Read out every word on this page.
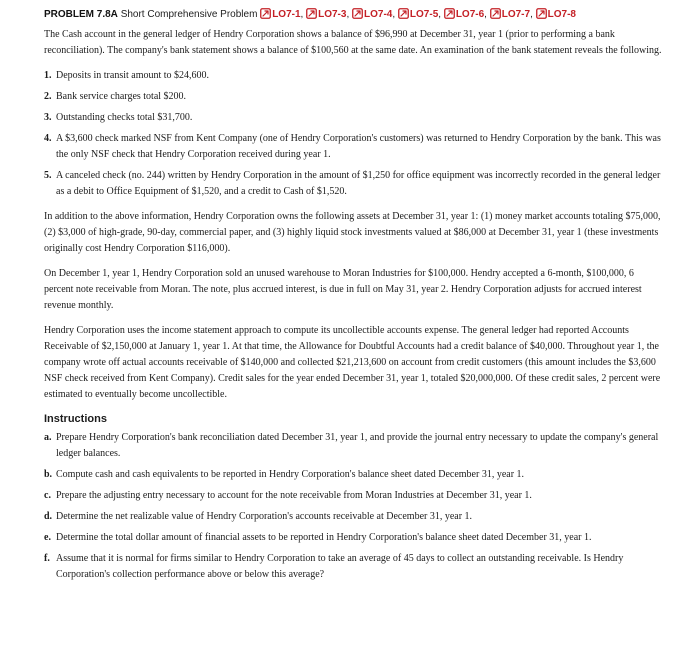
PROBLEM 7.8A Short Comprehensive Problem LO7-1, LO7-3, LO7-4, LO7-5, LO7-6, LO7-7, LO7-8

The Cash account in the general ledger of Hendry Corporation shows a balance of $96,990 at December 31, year 1 (prior to performing a bank reconciliation). The company's bank statement shows a balance of $100,560 at the same date. An examination of the bank statement reveals the following.

1. Deposits in transit amount to $24,600.
2. Bank service charges total $200.
3. Outstanding checks total $31,700.
4. A $3,600 check marked NSF from Kent Company (one of Hendry Corporation's customers) was returned to Hendry Corporation by the bank. This was the only NSF check that Hendry Corporation received during year 1.
5. A canceled check (no. 244) written by Hendry Corporation in the amount of $1,250 for office equipment was incorrectly recorded in the general ledger as a debit to Office Equipment of $1,520, and a credit to Cash of $1,520.

In addition to the above information, Hendry Corporation owns the following assets at December 31, year 1: (1) money market accounts totaling $75,000, (2) $3,000 of high-grade, 90-day, commercial paper, and (3) highly liquid stock investments valued at $86,000 at December 31, year 1 (these investments originally cost Hendry Corporation $116,000).

On December 1, year 1, Hendry Corporation sold an unused warehouse to Moran Industries for $100,000. Hendry accepted a 6-month, $100,000, 6 percent note receivable from Moran. The note, plus accrued interest, is due in full on May 31, year 2. Hendry Corporation adjusts for accrued interest revenue monthly.

Hendry Corporation uses the income statement approach to compute its uncollectible accounts expense. The general ledger had reported Accounts Receivable of $2,150,000 at January 1, year 1. At that time, the Allowance for Doubtful Accounts had a credit balance of $40,000. Throughout year 1, the company wrote off actual accounts receivable of $140,000 and collected $21,213,600 on account from credit customers (this amount includes the $3,600 NSF check received from Kent Company). Credit sales for the year ended December 31, year 1, totaled $20,000,000. Of these credit sales, 2 percent were estimated to eventually become uncollectible.

Instructions
a. Prepare Hendry Corporation's bank reconciliation dated December 31, year 1, and provide the journal entry necessary to update the company's general ledger balances.
b. Compute cash and cash equivalents to be reported in Hendry Corporation's balance sheet dated December 31, year 1.
c. Prepare the adjusting entry necessary to account for the note receivable from Moran Industries at December 31, year 1.
d. Determine the net realizable value of Hendry Corporation's accounts receivable at December 31, year 1.
e. Determine the total dollar amount of financial assets to be reported in Hendry Corporation's balance sheet dated December 31, year 1.
f. Assume that it is normal for firms similar to Hendry Corporation to take an average of 45 days to collect an outstanding receivable. Is Hendry Corporation's collection performance above or below this average?
